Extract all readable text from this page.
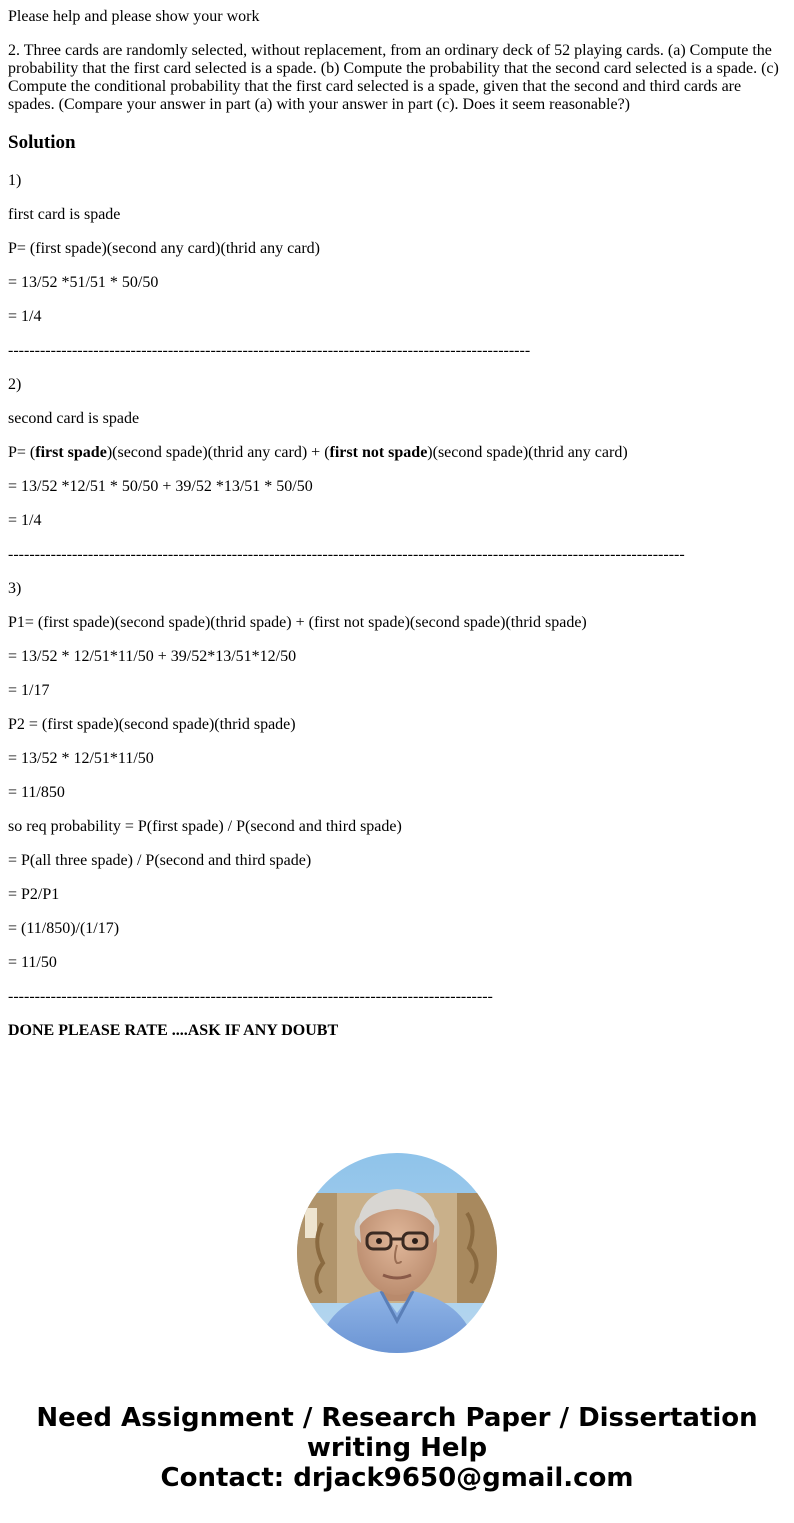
Please help and please show your work

2. Three cards are randomly selected, without replacement, from an ordinary deck of 52 playing cards. (a) Compute the probability that the first card selected is a spade. (b) Compute the probability that the second card selected is a spade. (c) Compute the conditional probability that the first card selected is a spade, given that the second and third cards are spades. (Compare your answer in part (a) with your answer in part (c). Does it seem reasonable?)

Solution

1)

first card is spade

P= (first spade)(second any card)(thrid any card)

= 13/52 *51/51 * 50/50

= 1/4

--------------------------------------------------------------------------------------------------

2)

second card is spade

P= (first spade)(second spade)(thrid any card) + (first not spade)(second spade)(thrid any card)

= 13/52 *12/51 * 50/50 + 39/52 *13/51 * 50/50

= 1/4

-------------------------------------------------------------------------------------------------------------------------------

3)

P1= (first spade)(second spade)(thrid spade) + (first not spade)(second spade)(thrid spade)

= 13/52 * 12/51*11/50 + 39/52*13/51*12/50

= 1/17

P2 = (first spade)(second spade)(thrid spade)

= 13/52 * 12/51*11/50

= 11/850

so req probability = P(first spade) / P(second and third spade)

= P(all three spade) / P(second and third spade)

= P2/P1

= (11/850)/(1/17)

= 11/50

-------------------------------------------------------------------------------------------

DONE PLEASE RATE ....ASK IF ANY DOUBT

Need Assignment / Research Paper / Dissertation
writing Help
Contact: drjack9650@gmail.com
